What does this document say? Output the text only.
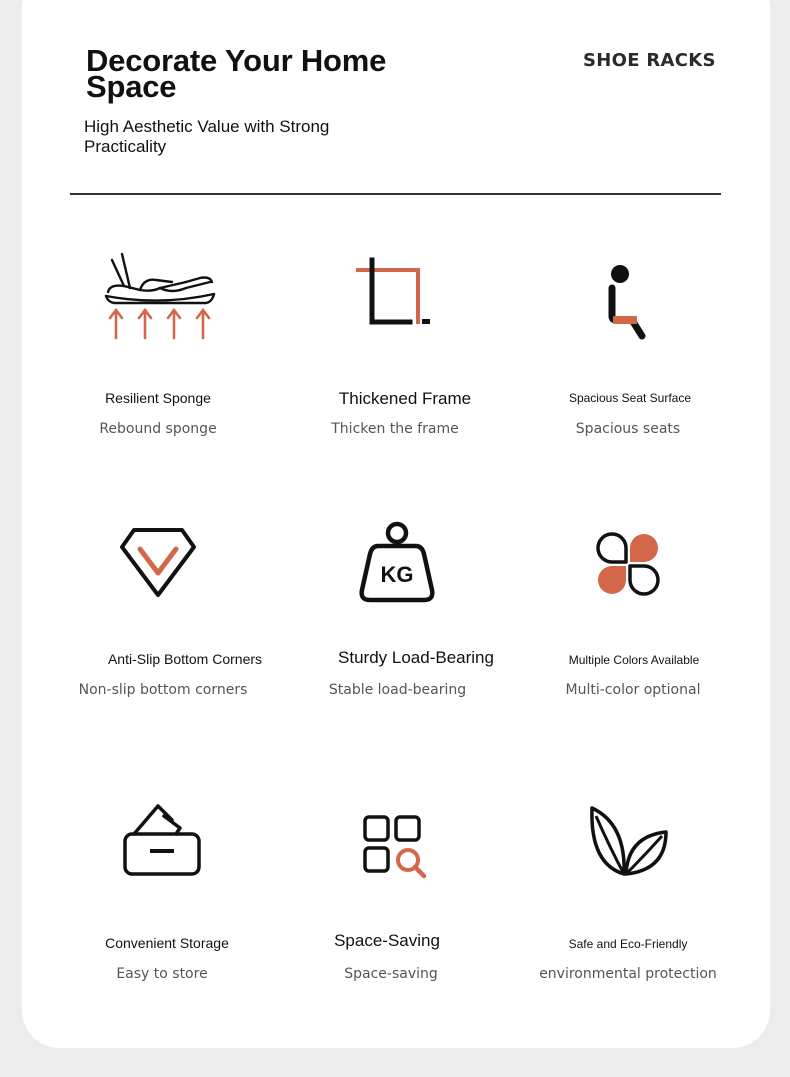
Decorate Your Home Space
High Aesthetic Value with Strong Practicality
SHOE RACKS
Resilient Sponge
Rebound sponge
Thickened Frame
Thicken the frame
Spacious Seat Surface
Spacious seats
Anti-Slip Bottom Corners
Non-slip bottom corners
KG
Sturdy Load-Bearing
Stable load-bearing
Multiple Colors Available
Multi-color optional
Convenient Storage
Easy to store
Space-Saving
Space-saving
Safe and Eco-Friendly
environmental protection
